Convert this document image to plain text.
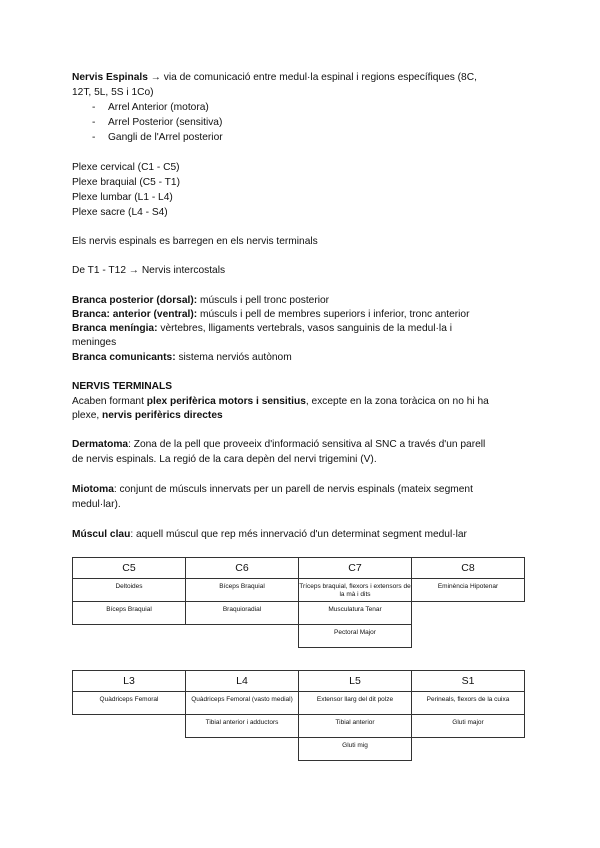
Nervis Espinals → via de comunicació entre medul·la espinal i regions específiques (8C,
12T, 5L, 5S i 1Co)
- Arrel Anterior (motora)
- Arrel Posterior (sensitiva)
- Gangli de l'Arrel posterior
Plexe cervical (C1 - C5)
Plexe braquial (C5 - T1)
Plexe lumbar (L1 - L4)
Plexe sacre (L4 - S4)
Els nervis espinals es barregen en els nervis terminals
De T1 - T12 → Nervis intercostals
Branca posterior (dorsal): músculs i pell tronc posterior
Branca: anterior (ventral): músculs i pell de membres superiors i inferior, tronc anterior
Branca meníngia: vèrtebres, lligaments vertebrals, vasos sanguinis de la medul·la i
meninges
Branca comunicants: sistema nerviós autònom
NERVIS TERMINALS
Acaben formant plex perifèrica motors i sensitius, excepte en la zona toràcica on no hi ha
plexe, nervis perifèrics directes
Dermatoma: Zona de la pell que proveeix d'informació sensitiva al SNC a través d'un parell
de nervis espinals. La regió de la cara depèn del nervi trigemini (V).
Miotoma: conjunt de músculs innervats per un parell de nervis espinals (mateix segment
medul·lar).
Múscul clau: aquell múscul que rep més innervació d'un determinat segment medul·lar
C5	C6	C7	C8
Deltoides	Bíceps Braquial	Tríceps braquial, flexors i extensors de la mà i dits	Eminència Hipotenar
Bíceps Braquial	Braquioradial	Musculatura Tenar	
		Pectoral Major	
L3	L4	L5	S1
Quàdriceps Femoral	Quàdriceps Femoral (vasto medial)	Extensor llarg del dit polze	Perineals, flexors de la cuixa
	Tibial anterior i adductors	Tibial anterior	Gluti major
		Gluti mig	
